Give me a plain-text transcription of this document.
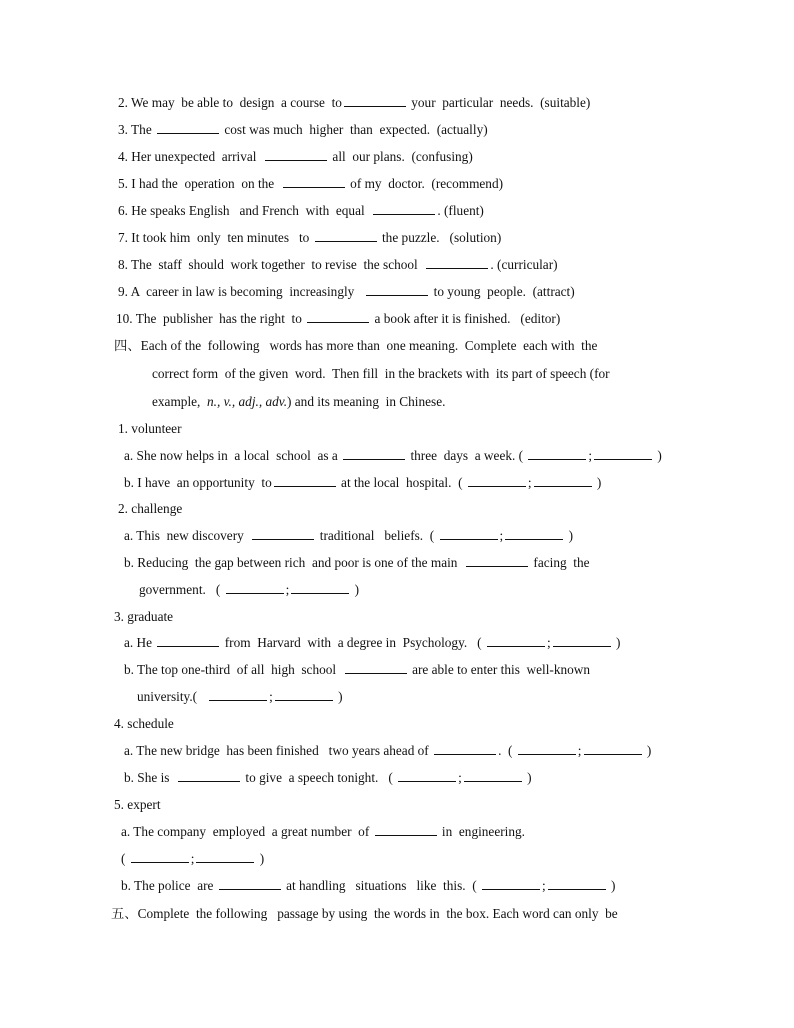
2. We may  be able to  design  a course  to	your  particular  needs.  (suitable)
3. The	cost was much  higher  than  expected.  (actually)
4. Her unexpected  arrival	all  our plans.  (confusing)
5. I had the  operation  on the	of my  doctor.  (recommend)
6. He speaks English   and French  with  equal	. (fluent)
7. It took him  only  ten minutes   to	the puzzle.   (solution)
8. The  staff  should  work together  to revise  the school	. (curricular)
9. A  career in law is becoming  increasingly	to young  people.  (attract)
10. The  publisher  has the right  to	a book after it is finished.   (editor)
四、Each of the  following   words has more than  one meaning.  Complete  each with  the
correct form  of the given  word.  Then fill  in the brackets with  its part of speech (for
example,  n., v., adj., adv.) and its meaning  in Chinese.
1. volunteer
a. She now helps in  a local  school  as a	three  days  a week. (	;	)
b. I have  an opportunity  to	at the local  hospital.  (	;	)
2. challenge
a. This  new discovery	traditional   beliefs.  (	;	)
b. Reducing  the gap between rich  and poor is one of the main	facing  the
government.   (	;	)
3. graduate
a. He	from  Harvard  with  a degree in  Psychology.   (	;	)
b. The top one-third  of all  high  school	are able to enter this  well-known
university.(	;	)
4. schedule
a. The new bridge  has been finished   two years ahead of	.  (	;	)
b. She is	to give  a speech tonight.   (	;	)
5. expert
a. The company  employed  a great number  of	in  engineering.
(	;	)
b. The police  are	at handling   situations   like  this.  (	;	)
五、Complete  the following   passage by using  the words in  the box. Each word can only  be
